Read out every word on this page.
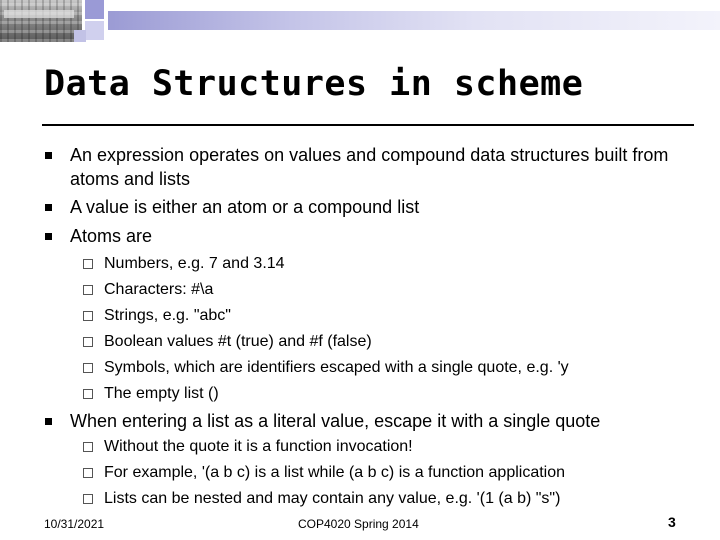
Data Structures in scheme
An expression operates on values and compound data structures built from atoms and lists
A value is either an atom or a compound list
Atoms are
Numbers, e.g. 7 and 3.14
Characters: #\a
Strings, e.g. "abc"
Boolean values #t (true) and #f (false)
Symbols, which are identifiers escaped with a single quote, e.g. 'y
The empty list ()
When entering a list as a literal value, escape it with a single quote
Without the quote it is a function invocation!
For example, '(a b c) is a list while (a b c) is a function application
Lists can be nested and may contain any value, e.g. '(1 (a b) "s")
10/31/2021	COP4020 Spring 2014	3
